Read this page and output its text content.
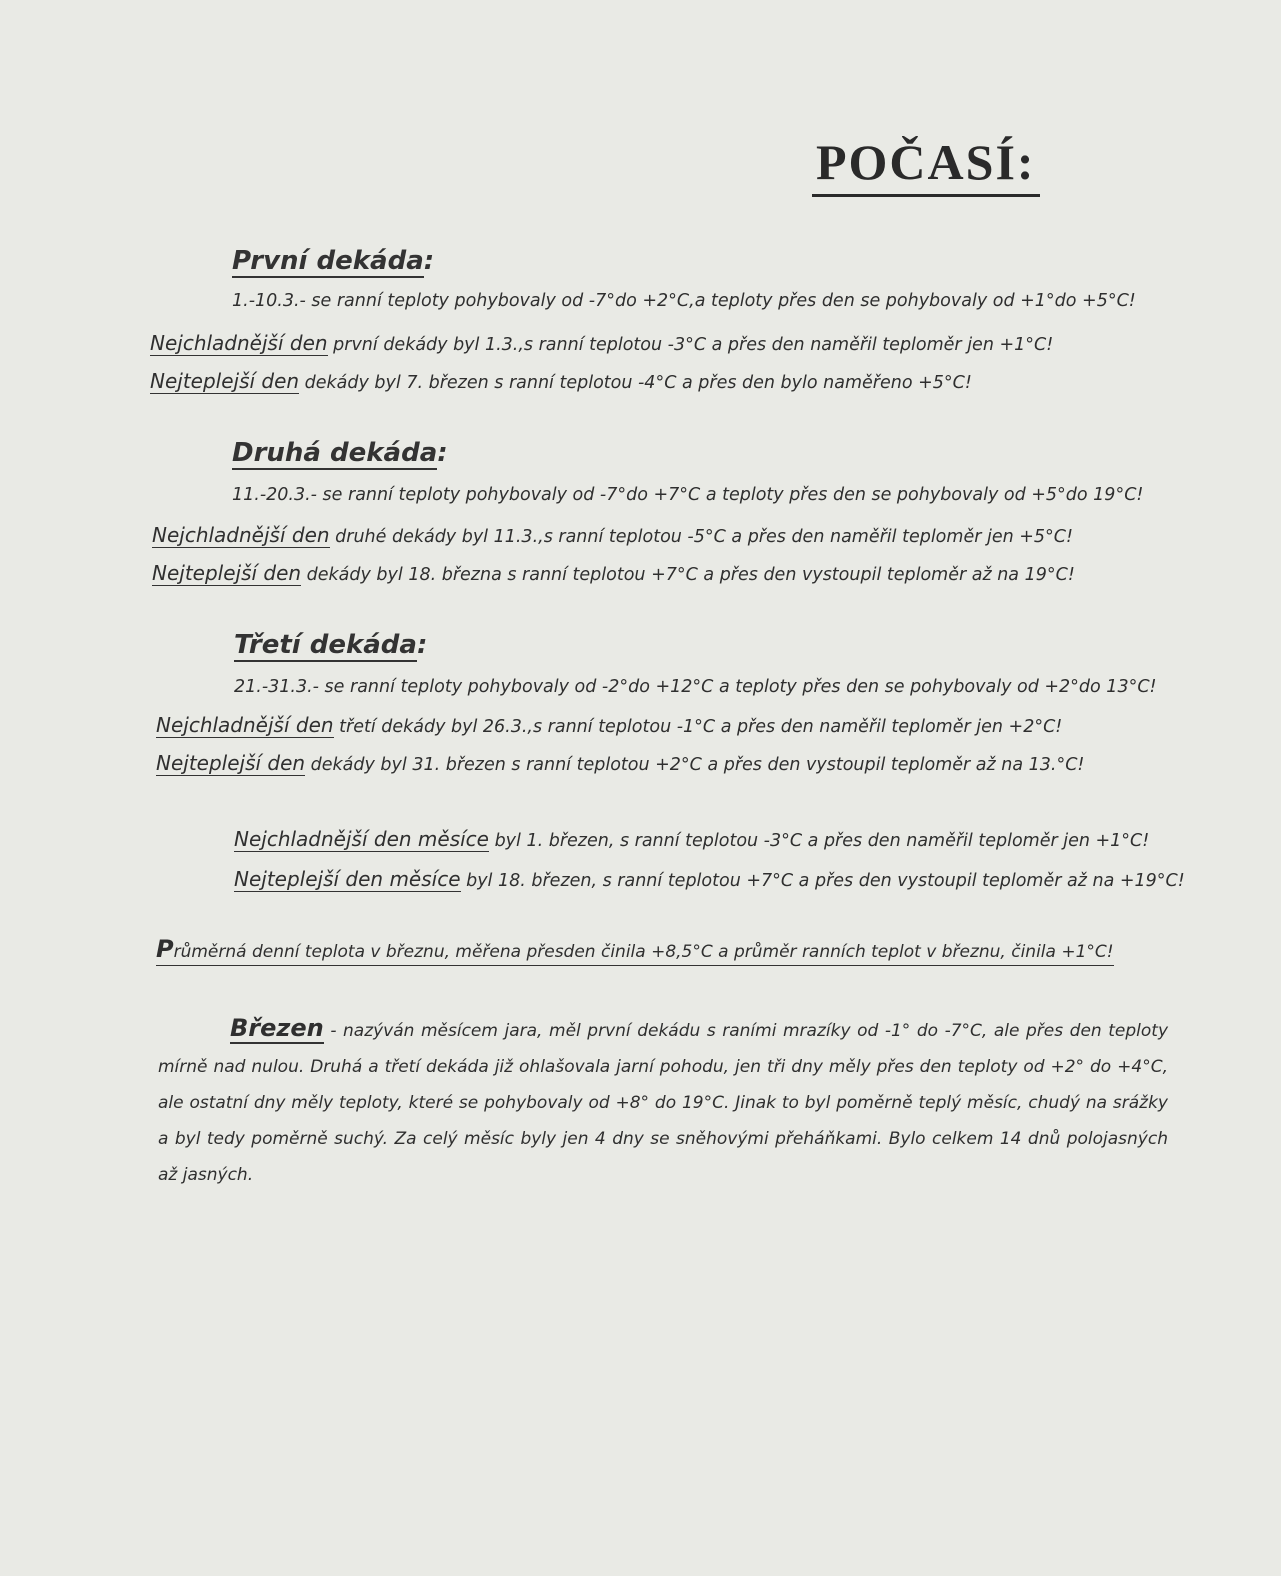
POČASÍ:
První dekáda:
1.-10.3.- se ranní teploty pohybovaly od -7°do +2°C,a teploty přes den se pohybovaly od +1°do +5°C!
Nejchladnější den první dekády byl 1.3.,s ranní teplotou -3°C a přes den naměřil teploměr jen +1°C!
Nejteplejší den dekády byl 7. březen s ranní teplotou -4°C a přes den bylo naměřeno +5°C!
Druhá dekáda:
11.-20.3.- se ranní teploty pohybovaly od -7°do +7°C a teploty přes den se pohybovaly od +5°do 19°C!
Nejchladnější den druhé dekády byl 11.3.,s ranní teplotou -5°C a přes den naměřil teploměr jen +5°C!
Nejteplejší den dekády byl 18. března s ranní teplotou +7°C a přes den vystoupil teploměr až na 19°C!
Třetí dekáda:
21.-31.3.- se ranní teploty pohybovaly od -2°do +12°C a teploty přes den se pohybovaly od +2°do 13°C!
Nejchladnější den třetí dekády byl 26.3.,s ranní teplotou -1°C a přes den naměřil teploměr jen +2°C!
Nejteplejší den dekády byl 31. březen s ranní teplotou +2°C a přes den vystoupil teploměr až na 13.°C!
Nejchladnější den měsíce byl 1. březen, s ranní teplotou -3°C a přes den naměřil teploměr jen +1°C!
Nejteplejší den měsíce byl 18. březen, s ranní teplotou +7°C a přes den vystoupil teploměr až na +19°C!
Průměrná denní teplota v březnu, měřena přesden činila +8,5°C a průměr ranních teplot v březnu, činila +1°C!
Březen - nazýván měsícem jara, měl první dekádu s raními mrazíky od -1° do -7°C, ale přes den teploty mírně nad nulou. Druhá a třetí dekáda již ohlašovala jarní pohodu, jen tři dny měly přes den teploty od +2° do +4°C, ale ostatní dny měly teploty, které se pohybovaly od +8° do 19°C. Jinak to byl poměrně teplý měsíc, chudý na srážky a byl tedy poměrně suchý. Za celý měsíc byly jen 4 dny se sněhovými přeháňkami. Bylo celkem 14 dnů polojasných až jasných.
